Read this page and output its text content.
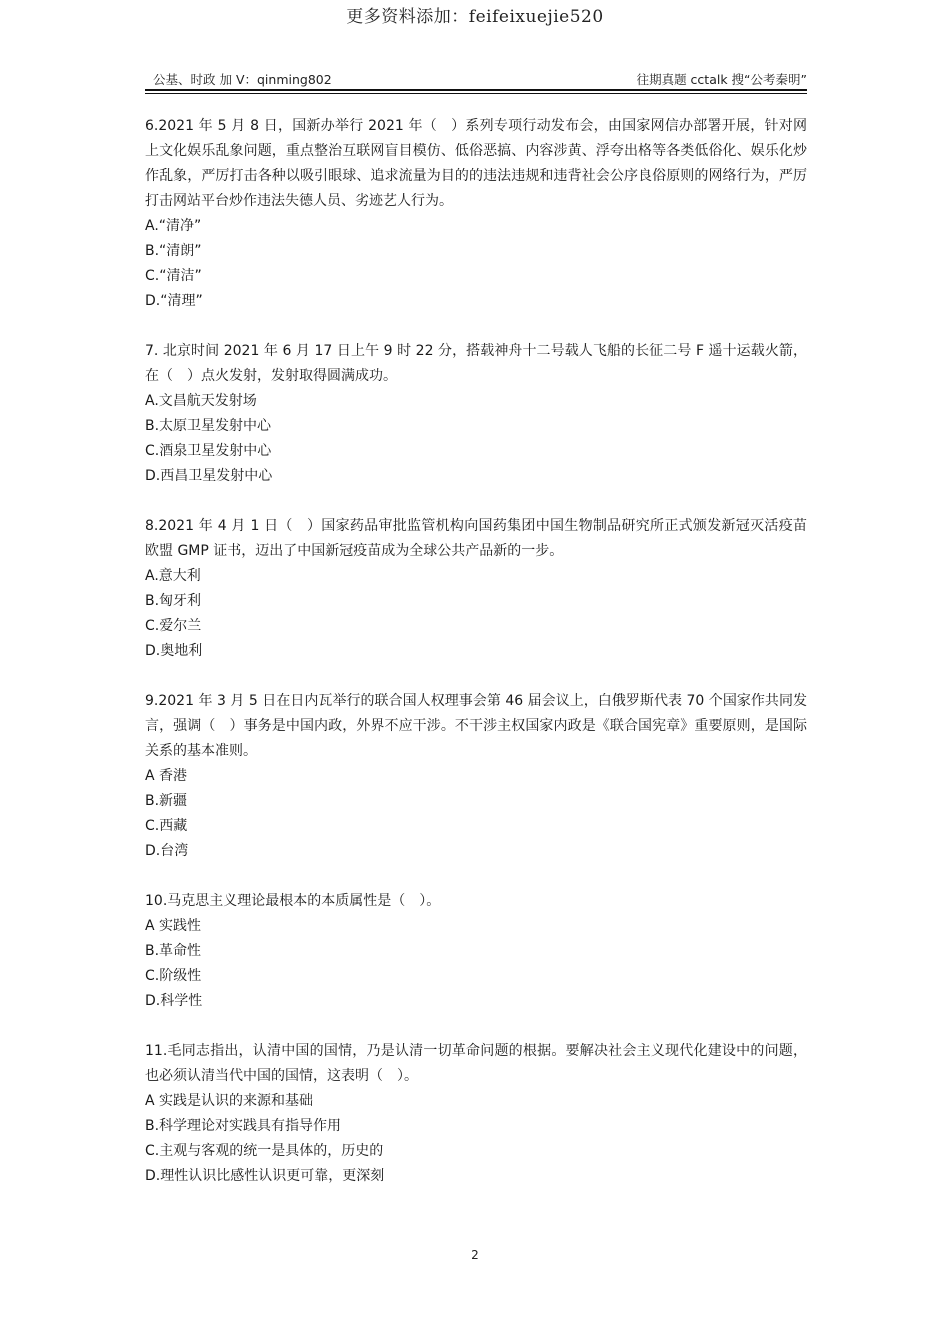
更多资料添加：feifeixuejie520
公基、时政 加 V：qinming802	往期真题 cctalk 搜“公考秦明”

6.2021 年 5 月 8 日，国新办举行 2021 年（　）系列专项行动发布会，由国家网信办部署开展，针对网上文化娱乐乱象问题，重点整治互联网盲目模仿、低俗恶搞、内容涉黄、浮夸出格等各类低俗化、娱乐化炒作乱象，严厉打击各种以吸引眼球、追求流量为目的的违法违规和违背社会公序良俗原则的网络行为，严厉打击网站平台炒作违法失德人员、劣迹艺人行为。

A.“清净”

B.“清朗”

C.“清洁”

D.“清理”

7. 北京时间 2021 年 6 月 17 日上午 9 时 22 分，搭载神舟十二号载人飞船的长征二号 F 遥十运载火箭，在（　）点火发射，发射取得圆满成功。

A.文昌航天发射场

B.太原卫星发射中心

C.酒泉卫星发射中心

D.西昌卫星发射中心

8.2021 年 4 月 1 日（　）国家药品审批监管机构向国药集团中国生物制品研究所正式颁发新冠灭活疫苗欧盟 GMP 证书，迈出了中国新冠疫苗成为全球公共产品新的一步。

A.意大利

B.匈牙利

C.爱尔兰

D.奥地利

9.2021 年 3 月 5 日在日内瓦举行的联合国人权理事会第 46 届会议上，白俄罗斯代表 70 个国家作共同发言，强调（　）事务是中国内政，外界不应干涉。不干涉主权国家内政是《联合国宪章》重要原则，是国际关系的基本准则。

A 香港

B.新疆

C.西藏

D.台湾

10.马克思主义理论最根本的本质属性是（　）。

A 实践性

B.革命性

C.阶级性

D.科学性

11.毛同志指出，认清中国的国情，乃是认清一切革命问题的根据。要解决社会主义现代化建设中的问题，也必须认清当代中国的国情，这表明（　）。

A 实践是认识的来源和基础

B.科学理论对实践具有指导作用

C.主观与客观的统一是具体的，历史的

D.理性认识比感性认识更可靠，更深刻

2
